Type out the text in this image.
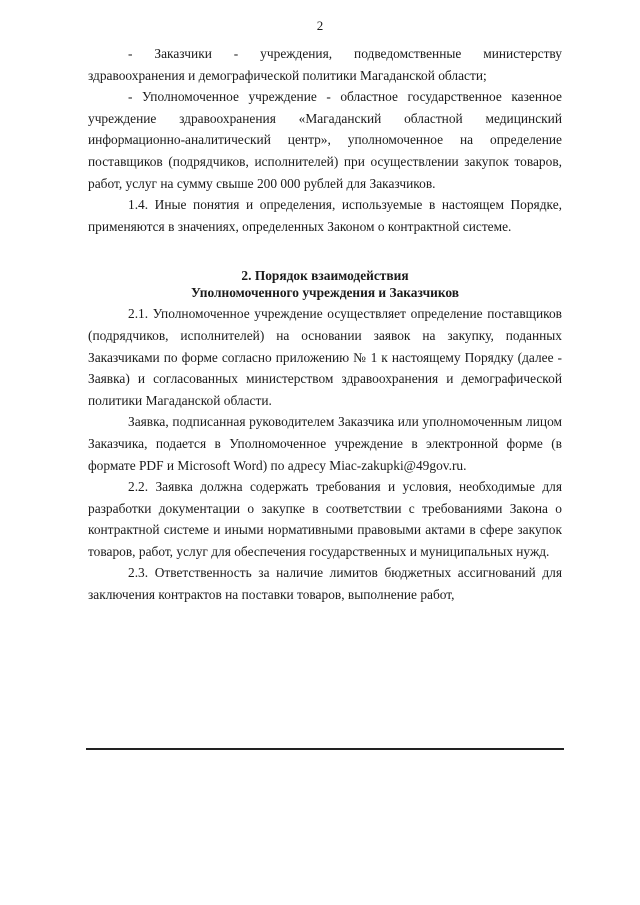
2

- Заказчики - учреждения, подведомственные министерству здравоохранения и демографической политики Магаданской области;

- Уполномоченное учреждение - областное государственное казенное учреждение здравоохранения «Магаданский областной медицинский информационно-аналитический центр», уполномоченное на определение поставщиков (подрядчиков, исполнителей) при осуществлении закупок товаров, работ, услуг на сумму свыше 200 000 рублей для Заказчиков.

1.4. Иные понятия и определения, используемые в настоящем Порядке, применяются в значениях, определенных Законом о контрактной системе.

2. Порядок взаимодействия
Уполномоченного учреждения и Заказчиков

2.1. Уполномоченное учреждение осуществляет определение поставщиков (подрядчиков, исполнителей) на основании заявок на закупку, поданных Заказчиками по форме согласно приложению № 1 к настоящему Порядку (далее - Заявка) и согласованных министерством здравоохранения и демографической политики Магаданской области.

Заявка, подписанная руководителем Заказчика или уполномоченным лицом Заказчика, подается в Уполномоченное учреждение в электронной форме (в формате PDF и Microsoft Word) по адресу Miac-zakupki@49gov.ru.

2.2. Заявка должна содержать требования и условия, необходимые для разработки документации о закупке в соответствии с требованиями Закона о контрактной системе и иными нормативными правовыми актами в сфере закупок товаров, работ, услуг для обеспечения государственных и муниципальных нужд.

2.3. Ответственность за наличие лимитов бюджетных ассигнований для заключения контрактов на поставки товаров, выполнение работ,
